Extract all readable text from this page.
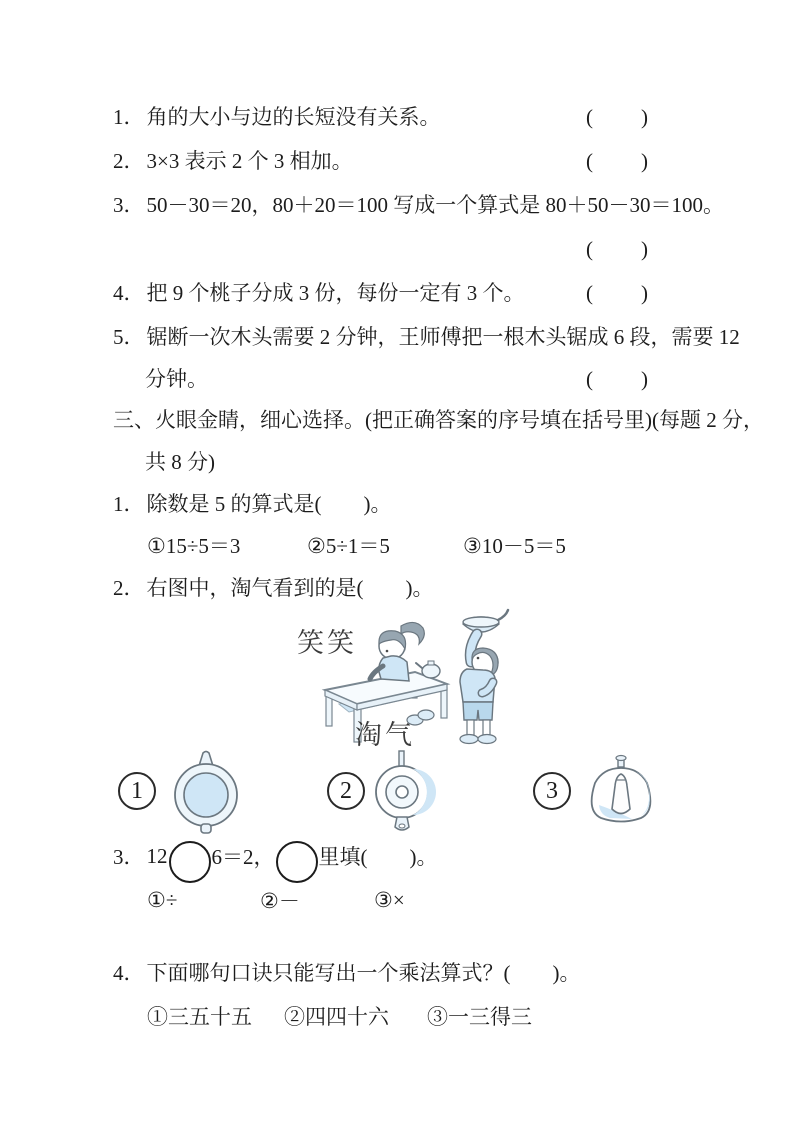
1．角的大小与边的长短没有关系。	(　　)
2．3×3 表示 2 个 3 相加。	(　　)
3．50－30＝20，80＋20＝100 写成一个算式是 80＋50－30＝100。
(　　)
4．把 9 个桃子分成 3 份，每份一定有 3 个。	(　　)
5．锯断一次木头需要 2 分钟，王师傅把一根木头锯成 6 段，需要 12
分钟。	(　　)
三、火眼金睛，细心选择。(把正确答案的序号填在括号里)(每题 2 分，
共 8 分)
1．除数是 5 的算式是(　　)。
①15÷5＝3	②5÷1＝5	③10－5＝5
2．右图中，淘气看到的是(　　)。
笑笑
淘气
1	2	3
3． 12 6＝2， 里填(　　)。
①÷	②－	③×
4．下面哪句口诀只能写出一个乘法算式？(　　)。
①三五十五	②四四十六	③一三得三
